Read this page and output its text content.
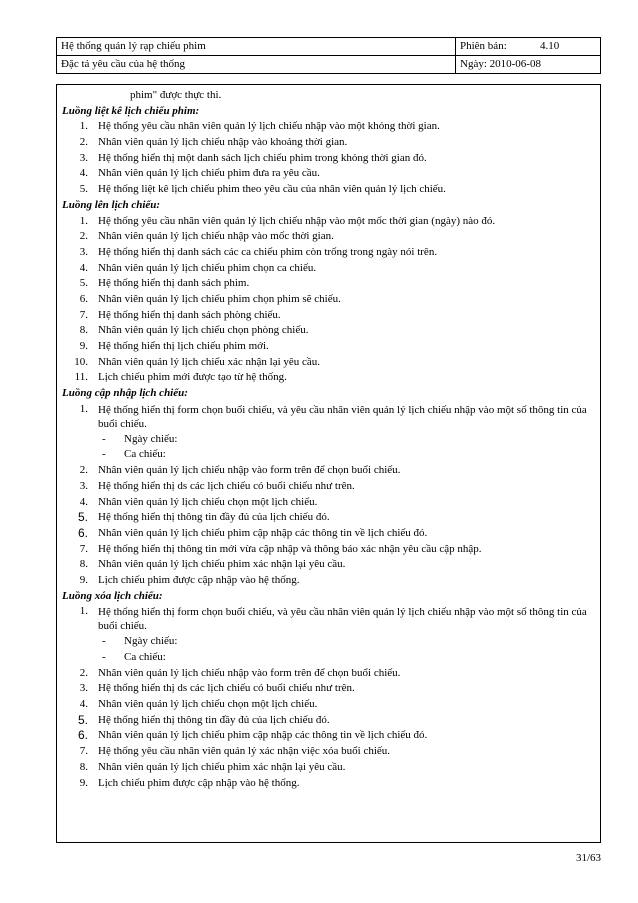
Hệ thống quản lý rạp chiếu phim	Phiên bản: 4.10
Đặc tả yêu cầu của hệ thống	Ngày: 2010-06-08
phim" được thực thi.
Luồng liệt kê lịch chiếu phim:
1. Hệ thống yêu cầu nhân viên quản lý lịch chiếu nhập vào một khỏng thời gian.
2. Nhân viên quản lý lịch chiếu nhập vào khoảng thời gian.
3. Hệ thống hiển thị một danh sách lịch chiếu phim trong khỏng thời gian đó.
4. Nhân viên quản lý lịch chiếu phim đưa ra yêu cầu.
5. Hệ thống liệt kê lịch chiếu phim theo yêu cầu của nhân viên quản lý lịch chiếu.
Luồng lên lịch chiếu:
1. Hệ thống yêu cầu nhân viên quản lý lịch chiếu nhập vào một mốc thời gian (ngày) nào đó.
2. Nhân viên quản lý lịch chiếu nhập vào mốc thời gian.
3. Hệ thống hiển thị danh sách các ca chiếu phim còn trống trong ngày nói trên.
4. Nhân viên quản lý lịch chiếu phim chọn ca chiếu.
5. Hệ thống hiển thị danh sách phim.
6. Nhân viên quản lý lịch chiếu phim chọn phim sẽ chiếu.
7. Hệ thống hiển thị danh sách phòng chiếu.
8. Nhân viên quản lý lịch chiếu chọn phòng chiếu.
9. Hệ thống hiển thị lịch chiếu phim mới.
10. Nhân viên quản lý lịch chiếu xác nhận lại yêu cầu.
11. Lịch chiếu phim mới được tạo từ hệ thống.
Luồng cập nhập lịch chiếu:
1. Hệ thống hiển thị form chọn buổi chiếu, và yêu cầu nhân viên quản lý lịch chiếu nhập vào một số thông tin của buổi chiếu.
- Ngày chiếu:
- Ca chiếu:
2. Nhân viên quản lý lịch chiếu nhập vào form trên để chọn buổi chiếu.
3. Hệ thống hiển thị ds các lịch chiếu có buổi chiếu như trên.
4. Nhân viên quản lý lịch chiếu chọn một lịch chiếu.
5. Hệ thống hiển thị thông tin đầy đủ của lịch chiếu đó.
6. Nhân viên quản lý lịch chiếu phim cập nhập các thông tin về lịch chiếu đó.
7. Hệ thống hiển thị thông tin mới vừa cập nhập và thông báo xác nhận yêu cầu cập nhập.
8. Nhân viên quản lý lịch chiếu phim xác nhận lại yêu cầu.
9. Lịch chiếu phim được cập nhập vào hệ thống.
Luồng xóa lịch chiếu:
1. Hệ thống hiển thị form chọn buổi chiếu, và yêu cầu nhân viên quản lý lịch chiếu nhập vào một số thông tin của buổi chiếu.
- Ngày chiếu:
- Ca chiếu:
2. Nhân viên quản lý lịch chiếu nhập vào form trên để chọn buổi chiếu.
3. Hệ thống hiển thị ds các lịch chiếu có buổi chiếu như trên.
4. Nhân viên quản lý lịch chiếu chọn một lịch chiếu.
5. Hệ thống hiển thị thông tin đầy đủ của lịch chiếu đó.
6. Nhân viên quản lý lịch chiếu phim cập nhập các thông tin về lịch chiếu đó.
7. Hệ thống yêu cầu nhân viên quản lý xác nhận việc xóa buổi chiếu.
8. Nhân viên quản lý lịch chiếu phim xác nhận lại yêu cầu.
9. Lịch chiếu phim được cập nhập vào hệ thống.
31/63
